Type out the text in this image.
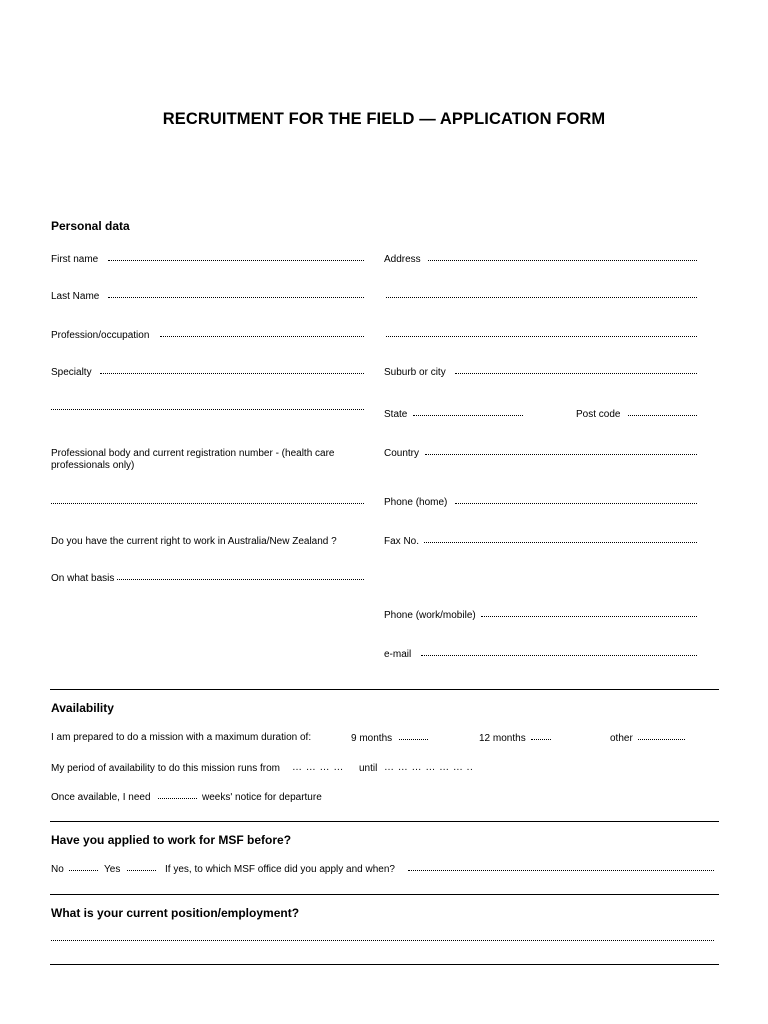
RECRUITMENT FOR THE FIELD — APPLICATION FORM
Personal data
First name
Last Name
Profession/occupation
Specialty
Professional body and current registration number - (health care professionals only)
Do you have the current right to work in Australia/New Zealand ?
On what basis
Address
Suburb or city
State	Post code
Country
Phone (home)
Fax No.
Phone (work/mobile)
e-mail
Availability
I am prepared to do a mission with a maximum duration of:	9 months	12 months	other
My period of availability to do this mission runs from … … … … until … … … … … … ..
Once available, I need	weeks' notice for departure
Have you applied to work for MSF before?
No	Yes	If yes, to which MSF office did you apply and when?
What is your current position/employment?
